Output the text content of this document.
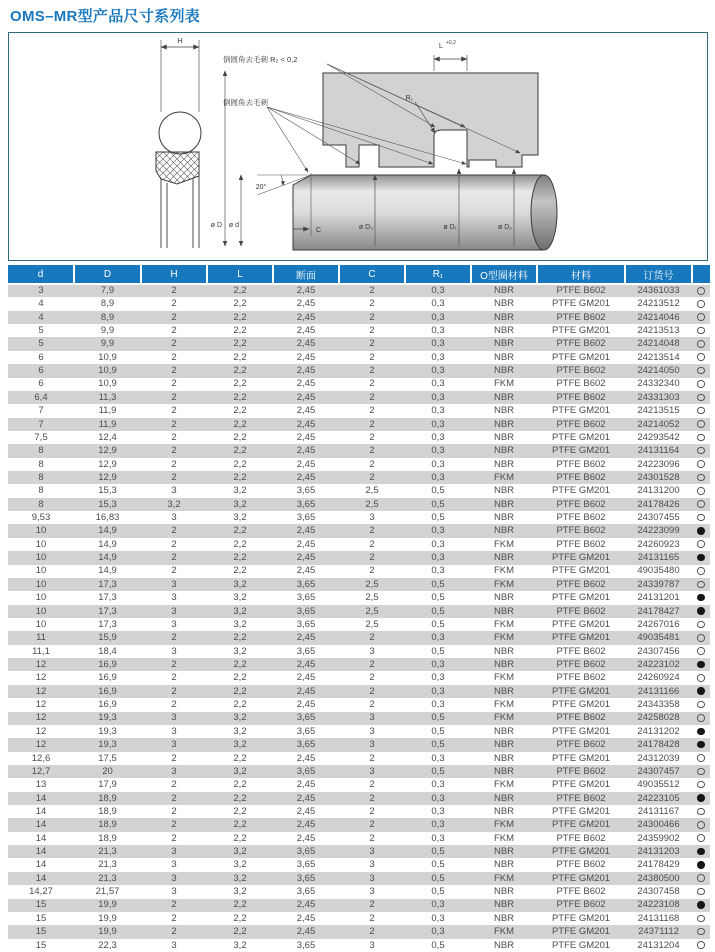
OMS–MR型产品尺寸系列表
H
ø D ø d
L +0,2
R₁
倒圆角去毛刺 R₂ < 0,2
倒圆角去毛刺
20°
C	ø D₃	ø D₁	ø D₂
d	D	H	L	断面	C	R₁	O型圈材料	材料	订货号	
3	7,9	2	2,2	2,45	2	0,3	NBR	PTFE B602	24361033	
4	8,9	2	2,2	2,45	2	0,3	NBR	PTFE GM201	24213512	
4	8,9	2	2,2	2,45	2	0,3	NBR	PTFE B602	24214046	
5	9,9	2	2,2	2,45	2	0,3	NBR	PTFE GM201	24213513	
5	9,9	2	2,2	2,45	2	0,3	NBR	PTFE B602	24214048	
6	10,9	2	2,2	2,45	2	0,3	NBR	PTFE GM201	24213514	
6	10,9	2	2,2	2,45	2	0,3	NBR	PTFE B602	24214050	
6	10,9	2	2,2	2,45	2	0,3	FKM	PTFE B602	24332340	
6,4	11,3	2	2,2	2,45	2	0,3	NBR	PTFE B602	24331303	
7	11,9	2	2,2	2,45	2	0,3	NBR	PTFE GM201	24213515	
7	11,9	2	2,2	2,45	2	0,3	NBR	PTFE B602	24214052	
7,5	12,4	2	2,2	2,45	2	0,3	NBR	PTFE GM201	24293542	
8	12,9	2	2,2	2,45	2	0,3	NBR	PTFE GM201	24131164	
8	12,9	2	2,2	2,45	2	0,3	NBR	PTFE B602	24223096	
8	12,9	2	2,2	2,45	2	0,3	FKM	PTFE B602	24301528	
8	15,3	3	3,2	3,65	2,5	0,5	NBR	PTFE GM201	24131200	
8	15,3	3,2	3,2	3,65	2,5	0,5	NBR	PTFE B602	24178426	
9,53	16,83	3	3,2	3,65	3	0,5	NBR	PTFE B602	24307455	
10	14,9	2	2,2	2,45	2	0,3	NBR	PTFE B602	24223099	
10	14,9	2	2,2	2,45	2	0,3	FKM	PTFE B602	24260923	
10	14,9	2	2,2	2,45	2	0,3	NBR	PTFE GM201	24131165	
10	14,9	2	2,2	2,45	2	0,3	FKM	PTFE GM201	49035480	
10	17,3	3	3,2	3,65	2,5	0,5	FKM	PTFE B602	24339787	
10	17,3	3	3,2	3,65	2,5	0,5	NBR	PTFE GM201	24131201	
10	17,3	3	3,2	3,65	2,5	0,5	NBR	PTFE B602	24178427	
10	17,3	3	3,2	3,65	2,5	0,5	FKM	PTFE GM201	24267016	
11	15,9	2	2,2	2,45	2	0,3	FKM	PTFE GM201	49035481	
11,1	18,4	3	3,2	3,65	3	0,5	NBR	PTFE B602	24307456	
12	16,9	2	2,2	2,45	2	0,3	NBR	PTFE B602	24223102	
12	16,9	2	2,2	2,45	2	0,3	FKM	PTFE B602	24260924	
12	16,9	2	2,2	2,45	2	0,3	NBR	PTFE GM201	24131166	
12	16,9	2	2,2	2,45	2	0,3	FKM	PTFE GM201	24343358	
12	19,3	3	3,2	3,65	3	0,5	FKM	PTFE B602	24258028	
12	19,3	3	3,2	3,65	3	0,5	NBR	PTFE GM201	24131202	
12	19,3	3	3,2	3,65	3	0,5	NBR	PTFE B602	24178428	
12,6	17,5	2	2,2	2,45	2	0,3	NBR	PTFE GM201	24312039	
12,7	20	3	3,2	3,65	3	0,5	NBR	PTFE B602	24307457	
13	17,9	2	2,2	2,45	2	0,3	FKM	PTFE GM201	49035512	
14	18,9	2	2,2	2,45	2	0,3	NBR	PTFE B602	24223105	
14	18,9	2	2,2	2,45	2	0,3	NBR	PTFE GM201	24131167	
14	18,9	2	2,2	2,45	2	0,3	FKM	PTFE GM201	24300466	
14	18,9	2	2,2	2,45	2	0,3	FKM	PTFE B602	24359902	
14	21,3	3	3,2	3,65	3	0,5	NBR	PTFE GM201	24131203	
14	21,3	3	3,2	3,65	3	0,5	NBR	PTFE B602	24178429	
14	21,3	3	3,2	3,65	3	0,5	FKM	PTFE GM201	24380500	
14,27	21,57	3	3,2	3,65	3	0,5	NBR	PTFE B602	24307458	
15	19,9	2	2,2	2,45	2	0,3	NBR	PTFE B602	24223108	
15	19,9	2	2,2	2,45	2	0,3	NBR	PTFE GM201	24131168	
15	19,9	2	2,2	2,45	2	0,3	FKM	PTFE GM201	24371112	
15	22,3	3	3,2	3,65	3	0,5	NBR	PTFE GM201	24131204	
